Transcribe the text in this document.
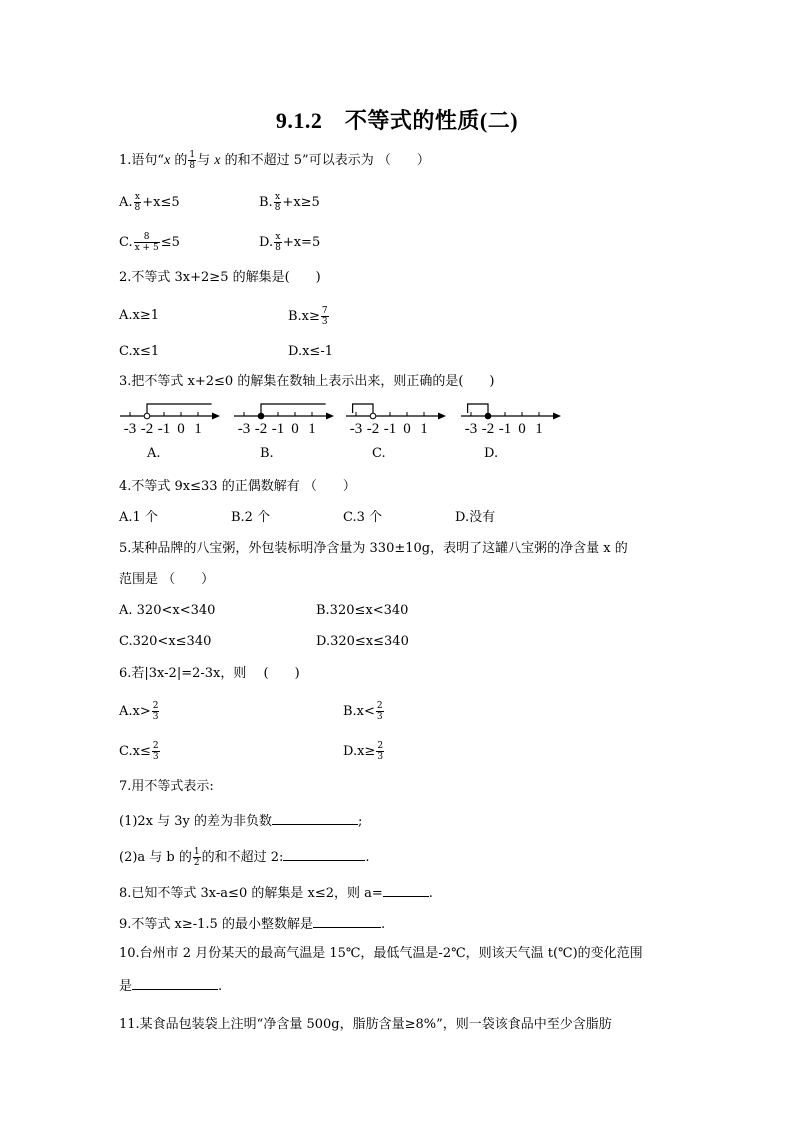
9.1.2　不等式的性质(二)
1.语句“x 的 $\frac{1}{8}$ 与 x 的和不超过 5”可以表示为 （　　）
A. $\frac{x}{8} +x\le 5$	B. $\frac{x}{8} +x\ge 5$
C. $\frac{8}{x + 5} \le 5$	D. $\frac{x}{8} +x=5$
2.不等式 3x+2≥5 的解集是(　　)
A.x≥1	$B.x\ge \frac{7}{3}$
C.x≤1	D.x≤-1
3.把不等式 x+2≤0 的解集在数轴上表示出来，则正确的是(　　)
-3 -2 -1 0 1 -3 -2 -1 0 1 -3 -2 -1 0 1 -3 -2 -1 0 1
A.	B.	C.	D.
4.不等式 9x≤33 的正偶数解有 （　　）
A.1 个	B.2 个	C.3 个	D.没有
5.某种品牌的八宝粥，外包装标明净含量为 330±10g，表明了这罐八宝粥的净含量 x 的
范围是 （　　）
A. 320<x<340	B.320≤x<340
C.320<x≤340	D.320≤x≤340
6.若|3x-2|=2-3x，则 　(　　)
$A.x> \frac{2}{3}$	$B.x< \frac{2}{3}$
$C.x\le \frac{2}{3}$	$D.x\ge \frac{2}{3}$
7.用不等式表示:
(1)2x 与 3y 的差为非负数	;
(2)a 与 b 的 $\frac{1}{2}$ 的和不超过 2:	.
8.已知不等式 3x-a≤0 的解集是 x≤2，则 a=	.
9.不等式 x≥-1.5 的最小整数解是	.
10.台州市 2 月份某天的最高气温是 15℃，最低气温是-2℃，则该天气温 t(℃)的变化范围
是	.
11.某食品包装袋上注明“净含量 500g，脂肪含量≥8%”，则一袋该食品中至少含脂肪
